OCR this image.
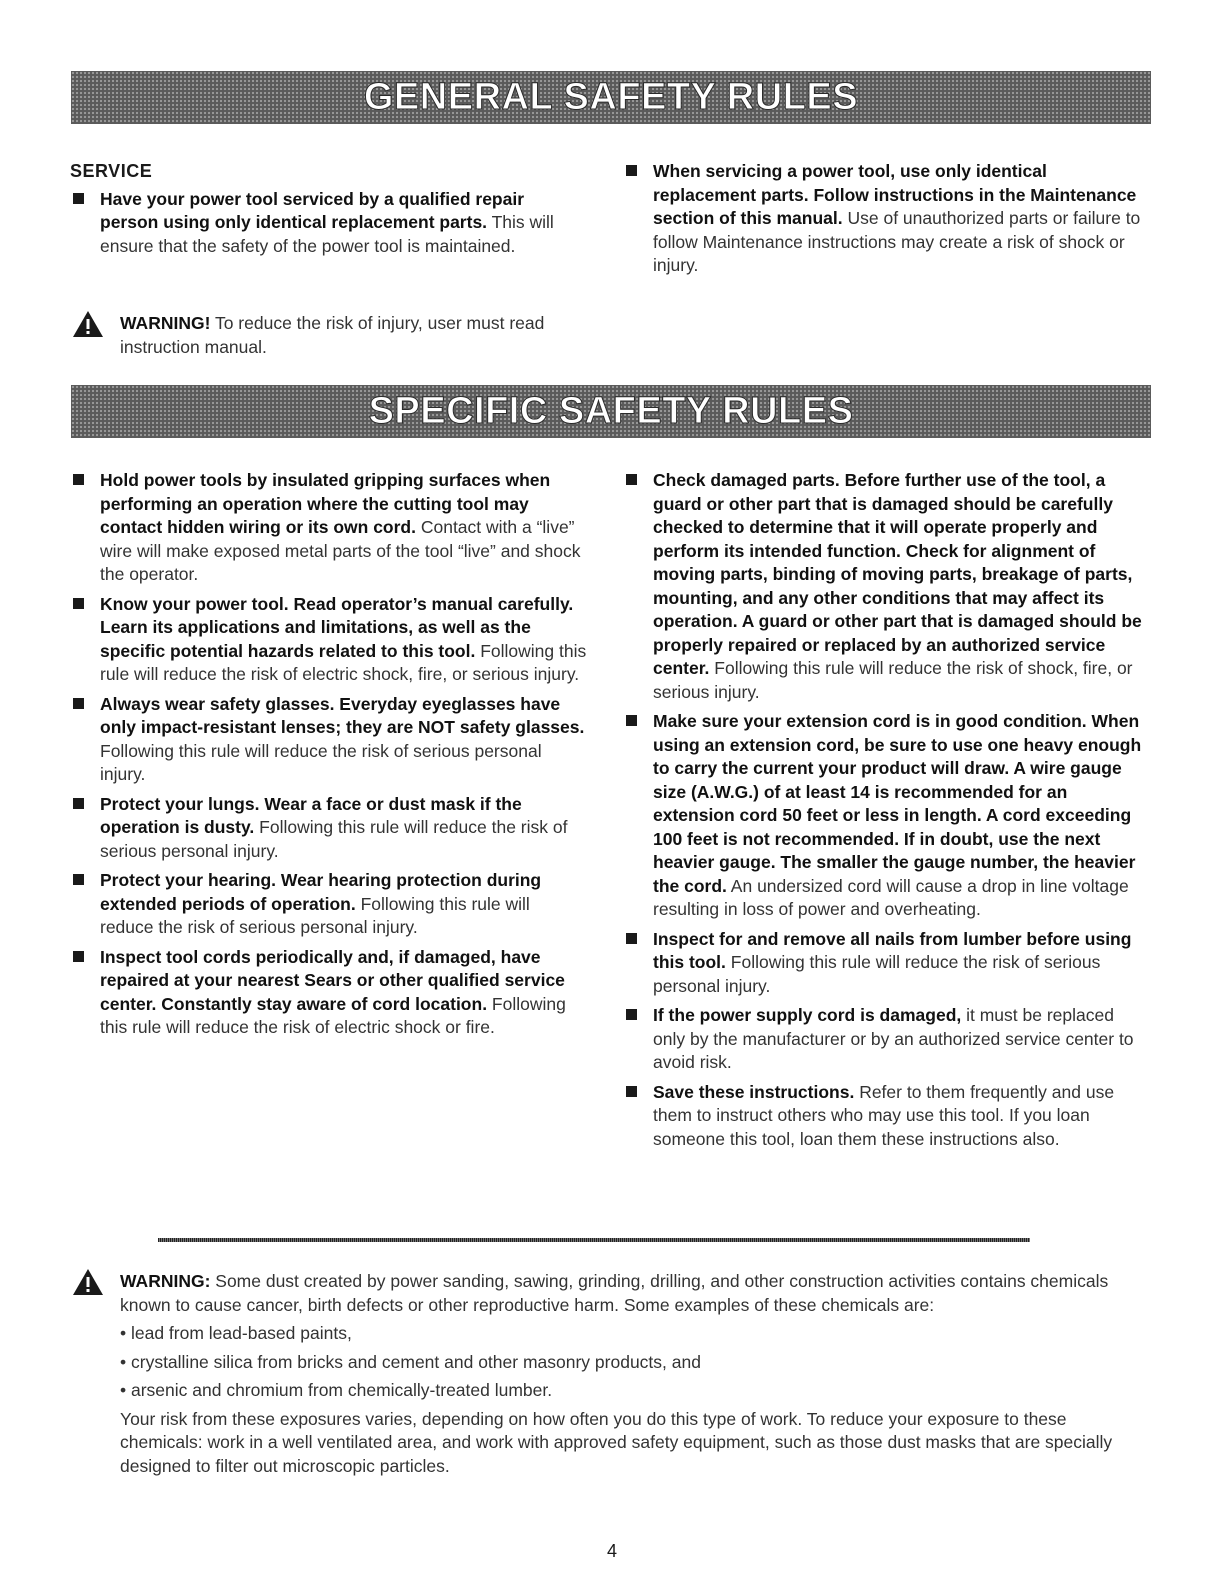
GENERAL SAFETY RULES
SERVICE
Have your power tool serviced by a qualified repair person using only identical replacement parts. This will ensure that the safety of the power tool is maintained.
When servicing a power tool, use only identical replacement parts. Follow instructions in the Maintenance section of this manual. Use of unauthorized parts or failure to follow Maintenance instructions may create a risk of shock or injury.
WARNING! To reduce the risk of injury, user must read instruction manual.
SPECIFIC SAFETY RULES
Hold power tools by insulated gripping surfaces when performing an operation where the cutting tool may contact hidden wiring or its own cord. Contact with a “live” wire will make exposed metal parts of the tool “live” and shock the operator.
Know your power tool. Read operator’s manual carefully. Learn its applications and limitations, as well as the specific potential hazards related to this tool. Following this rule will reduce the risk of electric shock, fire, or serious injury.
Always wear safety glasses. Everyday eyeglasses have only impact-resistant lenses; they are NOT safety glasses. Following this rule will reduce the risk of serious personal injury.
Protect your lungs. Wear a face or dust mask if the operation is dusty. Following this rule will reduce the risk of serious personal injury.
Protect your hearing. Wear hearing protection during extended periods of operation. Following this rule will reduce the risk of serious personal injury.
Inspect tool cords periodically and, if damaged, have repaired at your nearest Sears or other qualified service center. Constantly stay aware of cord location. Following this rule will reduce the risk of electric shock or fire.
Check damaged parts. Before further use of the tool, a guard or other part that is damaged should be carefully checked to determine that it will operate properly and perform its intended function. Check for alignment of moving parts, binding of moving parts, breakage of parts, mounting, and any other conditions that may affect its operation. A guard or other part that is damaged should be properly repaired or replaced by an authorized service center. Following this rule will reduce the risk of shock, fire, or serious injury.
Make sure your extension cord is in good condition. When using an extension cord, be sure to use one heavy enough to carry the current your product will draw. A wire gauge size (A.W.G.) of at least 14 is recommended for an extension cord 50 feet or less in length. A cord exceeding 100 feet is not recommended. If in doubt, use the next heavier gauge. The smaller the gauge number, the heavier the cord. An undersized cord will cause a drop in line voltage resulting in loss of power and overheating.
Inspect for and remove all nails from lumber before using this tool. Following this rule will reduce the risk of serious personal injury.
If the power supply cord is damaged, it must be replaced only by the manufacturer or by an authorized service center to avoid risk.
Save these instructions. Refer to them frequently and use them to instruct others who may use this tool. If you loan someone this tool, loan them these instructions also.
WARNING: Some dust created by power sanding, sawing, grinding, drilling, and other construction activities contains chemicals known to cause cancer, birth defects or other reproductive harm. Some examples of these chemicals are:
• lead from lead-based paints,
• crystalline silica from bricks and cement and other masonry products, and
• arsenic and chromium from chemically-treated lumber.
Your risk from these exposures varies, depending on how often you do this type of work. To reduce your exposure to these chemicals: work in a well ventilated area, and work with approved safety equipment, such as those dust masks that are specially designed to filter out microscopic particles.
4
